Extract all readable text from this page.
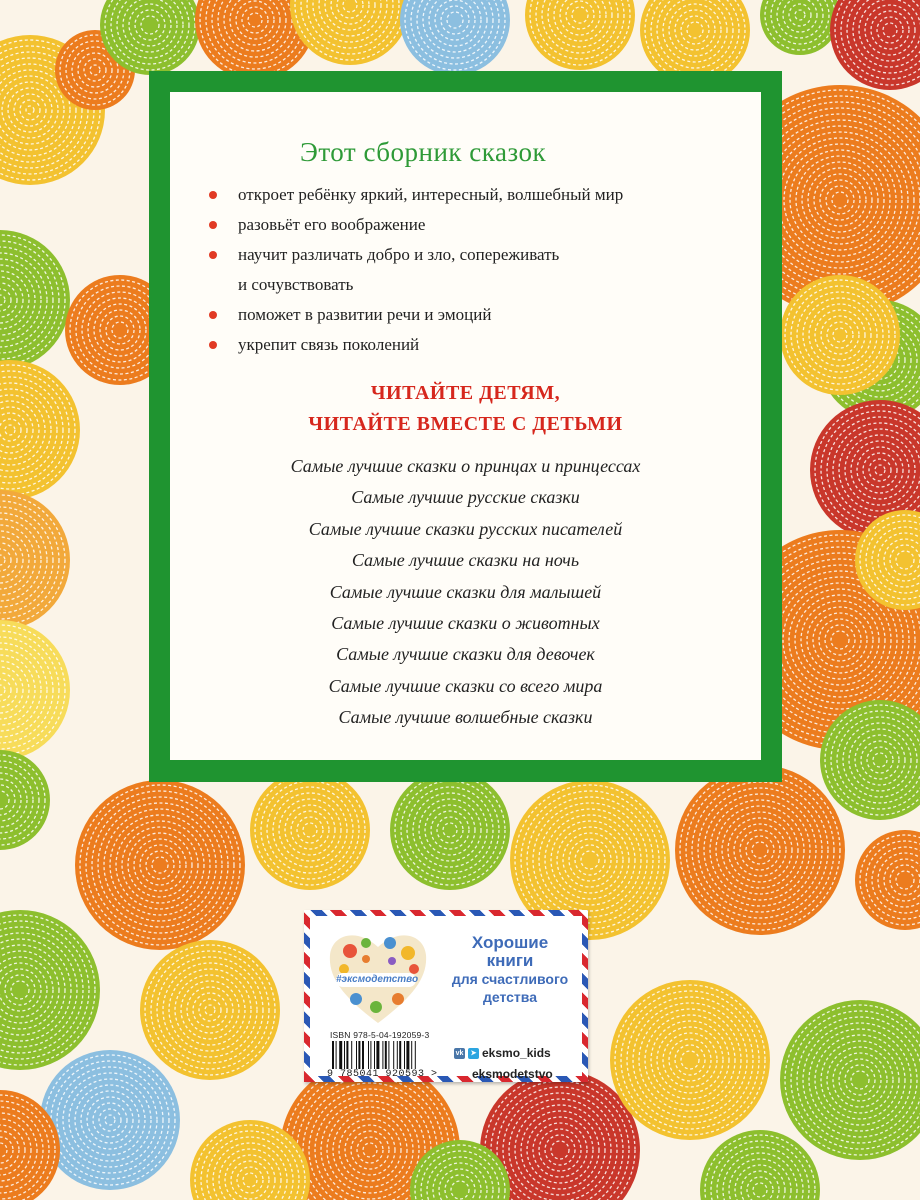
Этот сборник сказок
откроет ребёнку яркий, интересный, волшебный мир
разовьёт его воображение
научит различать добро и зло, сопереживать
и сочувствовать
поможет в развитии речи и эмоций
укрепит связь поколений
ЧИТАЙТЕ ДЕТЯМ,
ЧИТАЙТЕ ВМЕСТЕ С ДЕТЬМИ
Самые лучшие сказки о принцах и принцессах
Самые лучшие русские сказки
Самые лучшие сказки русских писателей
Самые лучшие сказки на ночь
Самые лучшие сказки для малышей
Самые лучшие сказки о животных
Самые лучшие сказки для девочек
Самые лучшие сказки со всего мира
Самые лучшие волшебные сказки
#эксмодетство
Хорошие
книги
для счастливого
детства
ISBN 978-5-04-192059-3
9 785041 920593 >
vk	➤ eksmo_kids
eksmodetstvo
